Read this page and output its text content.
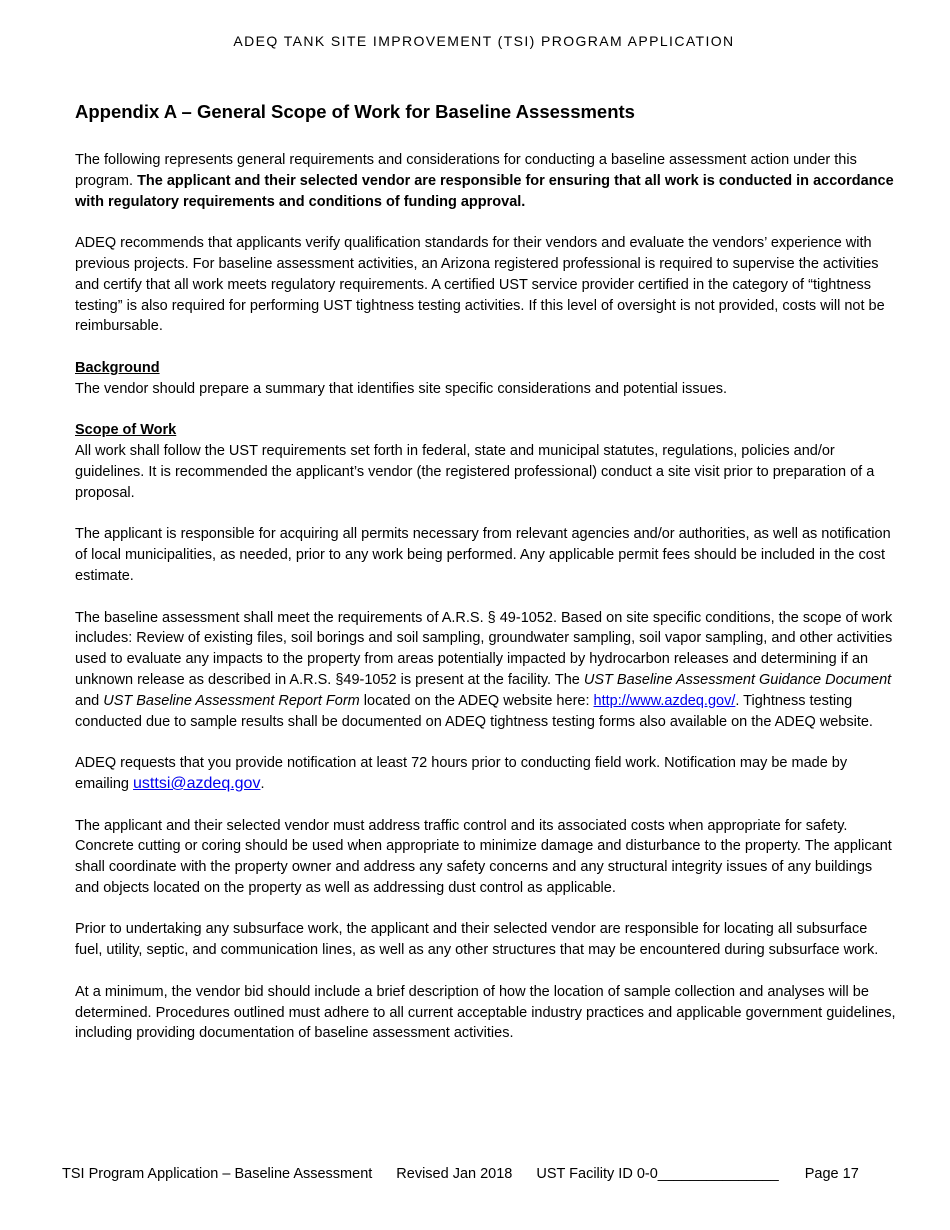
ADEQ TANK SITE IMPROVEMENT (TSI) PROGRAM APPLICATION
Appendix A – General Scope of Work for Baseline Assessments

The following represents general requirements and considerations for conducting a baseline assessment action under this program. The applicant and their selected vendor are responsible for ensuring that all work is conducted in accordance with regulatory requirements and conditions of funding approval.

ADEQ recommends that applicants verify qualification standards for their vendors and evaluate the vendors’ experience with previous projects. For baseline assessment activities, an Arizona registered professional is required to supervise the activities and certify that all work meets regulatory requirements. A certified UST service provider certified in the category of “tightness testing” is also required for performing UST tightness testing activities. If this level of oversight is not provided, costs will not be reimbursable.

Background
The vendor should prepare a summary that identifies site specific considerations and potential issues.

Scope of Work
All work shall follow the UST requirements set forth in federal, state and municipal statutes, regulations, policies and/or guidelines. It is recommended the applicant’s vendor (the registered professional) conduct a site visit prior to preparation of a proposal.

The applicant is responsible for acquiring all permits necessary from relevant agencies and/or authorities, as well as notification of local municipalities, as needed, prior to any work being performed. Any applicable permit fees should be included in the cost estimate.

The baseline assessment shall meet the requirements of A.R.S. § 49-1052. Based on site specific conditions, the scope of work includes: Review of existing files, soil borings and soil sampling, groundwater sampling, soil vapor sampling, and other activities used to evaluate any impacts to the property from areas potentially impacted by hydrocarbon releases and determining if an unknown release as described in A.R.S. §49-1052 is present at the facility. The UST Baseline Assessment Guidance Document and UST Baseline Assessment Report Form located on the ADEQ website here: http://www.azdeq.gov/. Tightness testing conducted due to sample results shall be documented on ADEQ tightness testing forms also available on the ADEQ website.

ADEQ requests that you provide notification at least 72 hours prior to conducting field work. Notification may be made by emailing usttsi@azdeq.gov.

The applicant and their selected vendor must address traffic control and its associated costs when appropriate for safety. Concrete cutting or coring should be used when appropriate to minimize damage and disturbance to the property. The applicant shall coordinate with the property owner and address any safety concerns and any structural integrity issues of any buildings and objects located on the property as well as addressing dust control as applicable.

Prior to undertaking any subsurface work, the applicant and their selected vendor are responsible for locating all subsurface fuel, utility, septic, and communication lines, as well as any other structures that may be encountered during subsurface work.

At a minimum, the vendor bid should include a brief description of how the location of sample collection and analyses will be determined. Procedures outlined must adhere to all current acceptable industry practices and applicable government guidelines, including providing documentation of baseline assessment activities.

TSI Program Application – Baseline Assessment Revised Jan 2018 UST Facility ID 0-0_______________ Page 17
